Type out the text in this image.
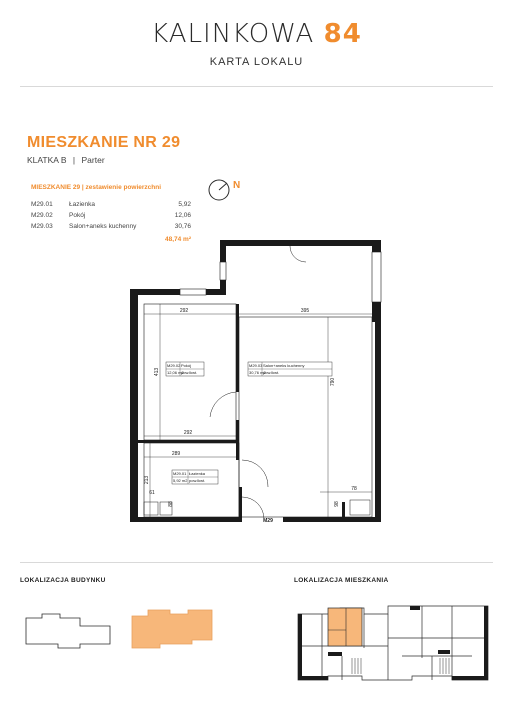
KALINKOWA 84
KARTA LOKALU
MIESZKANIE NR 29
KLATKA B | Parter
MIESZKANIE 29 | zestawienie powierzchni
M29.01	Łazienka	5,92
M29.02	Pokój	12,06
M29.03	Salon+aneks kuchenny	30,76
48,74 m²
N
292	395
413
790
292
289
213
61
88
78
98
M29.02 Pokój
12,06 m2
pow.lkwt.
M29.03 Salon+aneks kuchenny
30,76 m2
pow.lkwt.
M29.01 Łazienka
5,92 m2 pow.lkwt.
M29
LOKALIZACJA BUDYNKU	LOKALIZACJA MIESZKANIA
